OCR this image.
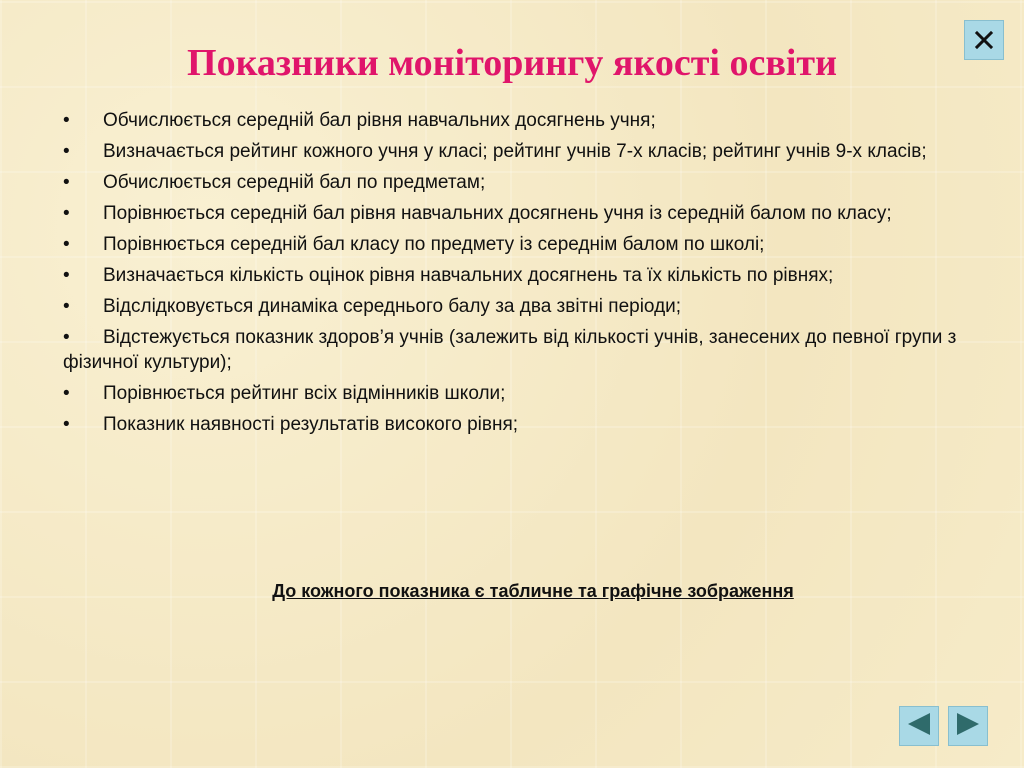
Показники моніторингу якості освіти
• Обчислюється середній бал рівня навчальних досягнень учня;
• Визначається рейтинг кожного учня у класі; рейтинг учнів 7-х класів; рейтинг учнів 9-х класів;
• Обчислюється середній бал по предметам;
• Порівнюється середній бал рівня навчальних досягнень учня із середній балом по класу;
• Порівнюється середній бал класу по предмету із середнім балом по школі;
• Визначається кількість оцінок рівня навчальних досягнень та їх кількість по рівнях;
• Відслідковується динаміка середнього балу за два звітні періоди;
• Відстежується показник здоров’я учнів (залежить від кількості учнів, занесених до певної групи з фізичної культури);
• Порівнюється рейтинг всіх відмінників школи;
• Показник наявності результатів високого рівня;
До кожного показника є табличне та графічне зображення
